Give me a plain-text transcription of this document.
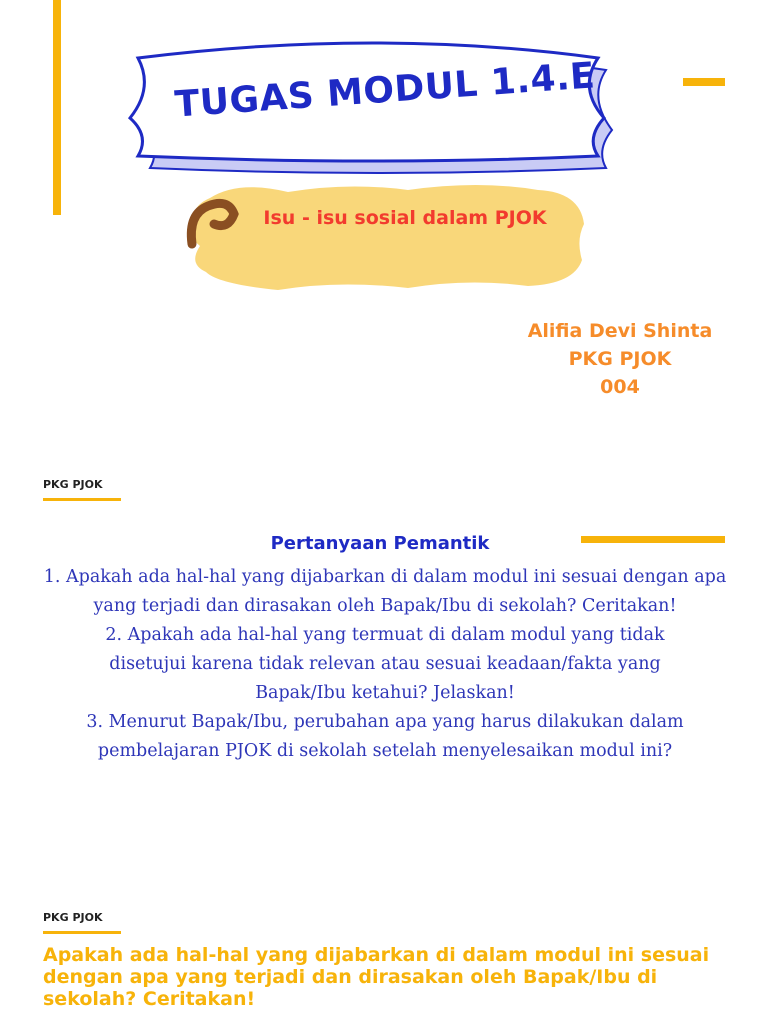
TUGAS MODUL 1.4.E
Isu - isu sosial dalam PJOK
Alifia Devi Shinta
PKG PJOK
004
PKG PJOK
Pertanyaan Pemantik

1. Apakah ada hal-hal yang dijabarkan di dalam modul ini sesuai dengan apa yang terjadi dan dirasakan oleh Bapak/Ibu di sekolah? Ceritakan!

2. Apakah ada hal-hal yang termuat di dalam modul yang tidak disetujui karena tidak relevan atau sesuai keadaan/fakta yang Bapak/Ibu ketahui? Jelaskan!

3. Menurut Bapak/Ibu, perubahan apa yang harus dilakukan dalam pembelajaran PJOK di sekolah setelah menyelesaikan modul ini?

PKG PJOK
Apakah ada hal-hal yang dijabarkan di dalam modul ini sesuai dengan apa yang terjadi dan dirasakan oleh Bapak/Ibu di sekolah? Ceritakan!
